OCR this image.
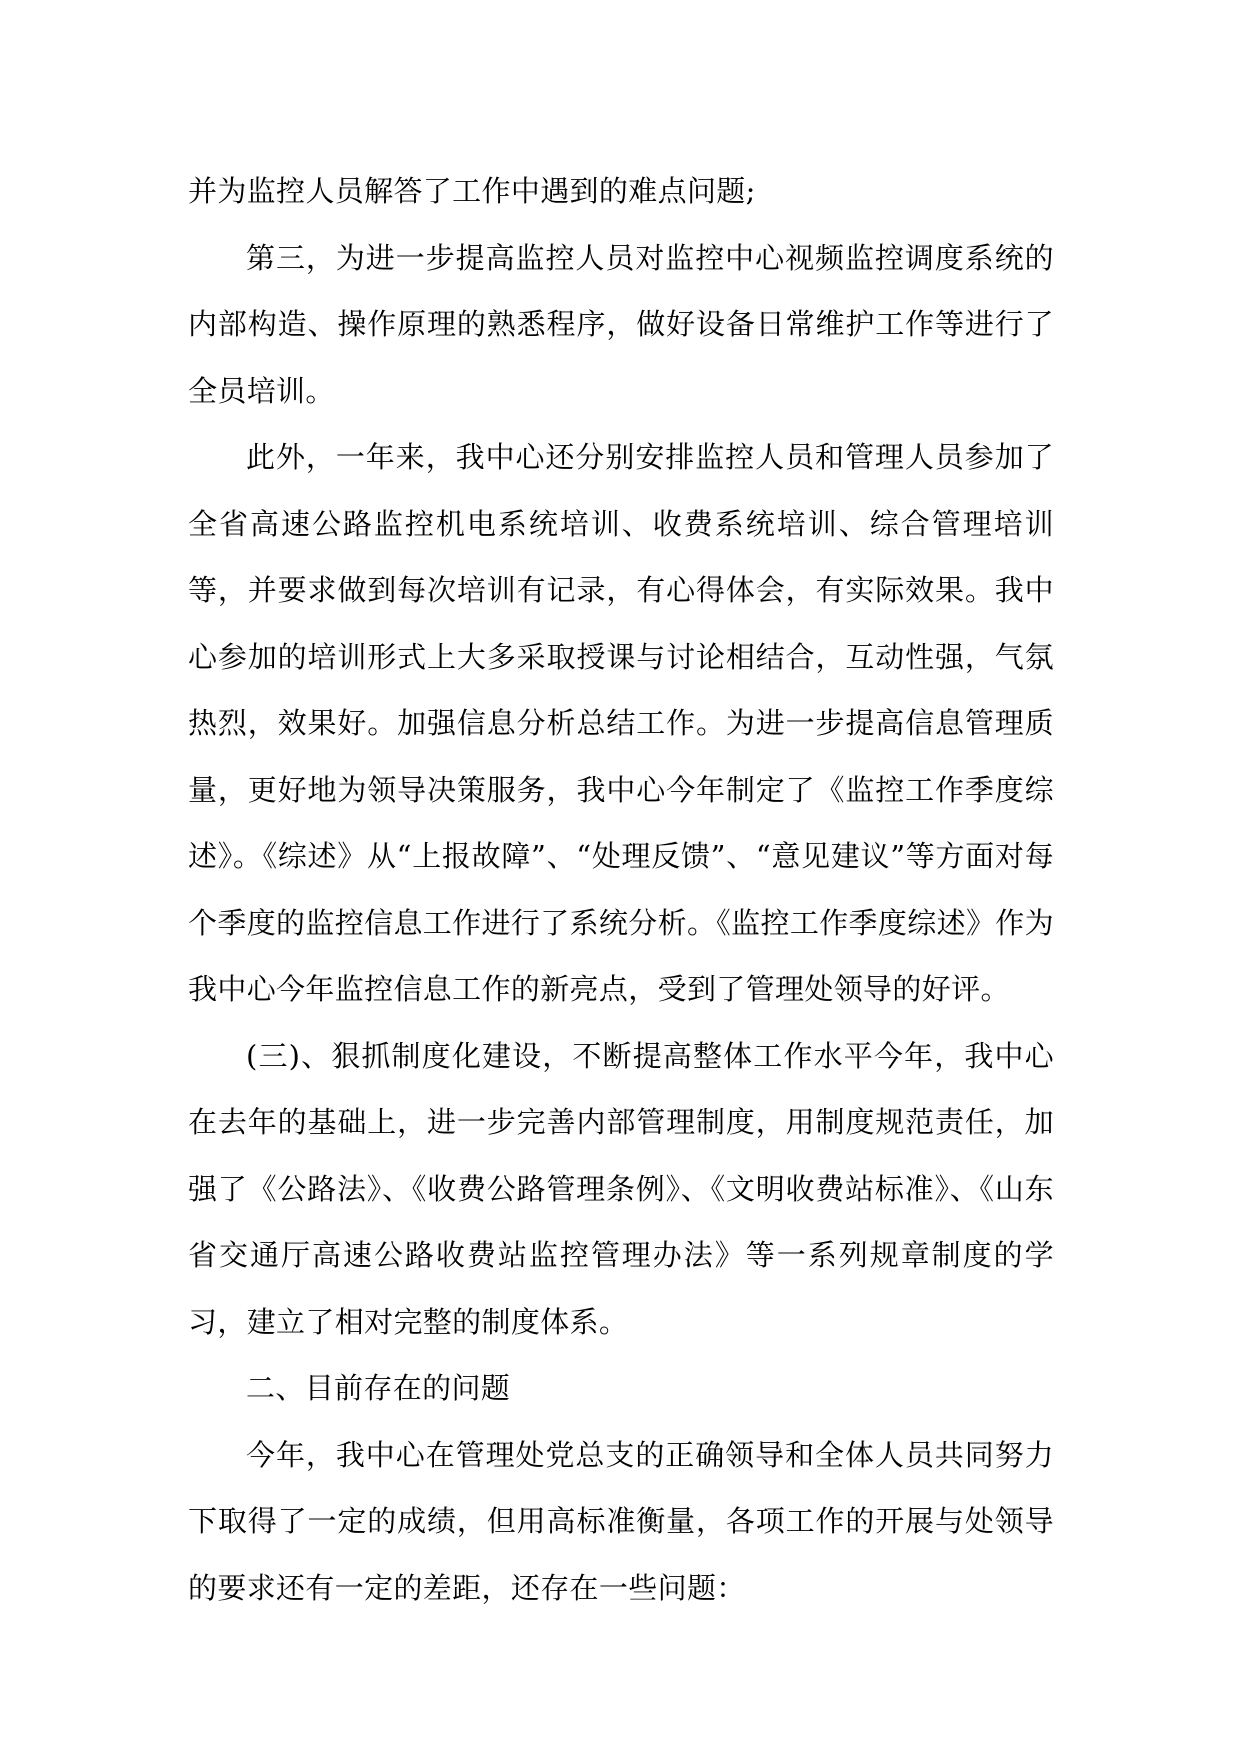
并为监控人员解答了工作中遇到的难点问题;

第三，为进一步提高监控人员对监控中心视频监控调度系统的内部构造、操作原理的熟悉程序，做好设备日常维护工作等进行了全员培训。

此外，一年来，我中心还分别安排监控人员和管理人员参加了全省高速公路监控机电系统培训、收费系统培训、综合管理培训等，并要求做到每次培训有记录，有心得体会，有实际效果。我中心参加的培训形式上大多采取授课与讨论相结合，互动性强，气氛热烈，效果好。加强信息分析总结工作。为进一步提高信息管理质量，更好地为领导决策服务，我中心今年制定了《监控工作季度综述》。《综述》从“上报故障”、“处理反馈”、“意见建议”等方面对每个季度的监控信息工作进行了系统分析。《监控工作季度综述》作为我中心今年监控信息工作的新亮点，受到了管理处领导的好评。

(三)、狠抓制度化建设，不断提高整体工作水平今年，我中心在去年的基础上，进一步完善内部管理制度，用制度规范责任，加强了《公路法》、《收费公路管理条例》、《文明收费站标准》、《山东省交通厅高速公路收费站监控管理办法》等一系列规章制度的学习，建立了相对完整的制度体系。

二、目前存在的问题

今年，我中心在管理处党总支的正确领导和全体人员共同努力下取得了一定的成绩，但用高标准衡量，各项工作的开展与处领导的要求还有一定的差距，还存在一些问题：
